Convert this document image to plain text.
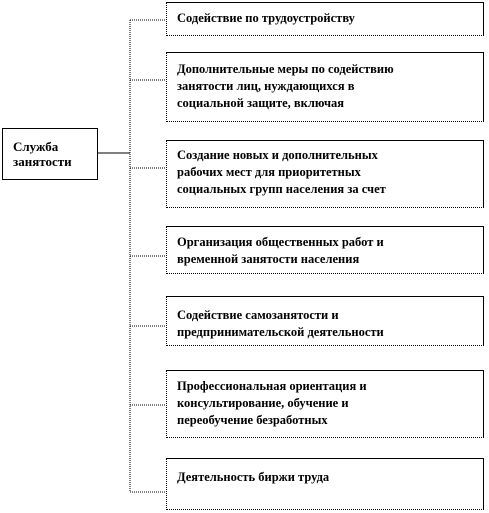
Служба
занятости
Содействие по трудоустройству
Дополнительные меры по содействию
занятости лиц, нуждающихся в
социальной защите, включая
Создание новых и дополнительных
рабочих мест для приоритетных
социальных групп населения за счет
Организация общественных работ и
временной занятости населения
Содействие самозанятости и
предпринимательской деятельности
Профессиональная ориентация и
консультирование, обучение и
переобучение безработных
Деятельность биржи труда
